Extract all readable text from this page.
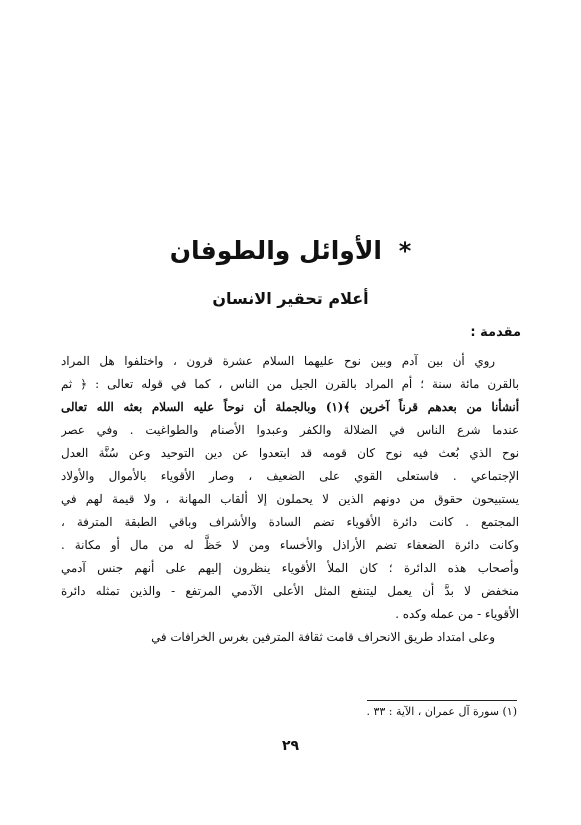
* الأوائل والطوفان
أعلام تحقير الانسان
مقدمة :
روي أن بين آدم وبين نوح عليهما السلام عشرة قرون ، واختلفوا هل المراد
بالقرن مائة سنة ؛ أم المراد بالقرن الجيل من الناس ، كما في قوله تعالى : ﴿ ثم
أنشأنا من بعدهم قرناً آخرين ﴾(١) وبالجملة أن نوحاً عليه السلام بعثه الله تعالى
عندما شرع الناس في الضلالة والكفر وعبدوا الأصنام والطواغيت . وفي عصر
نوح الذي بُعث فيه نوح كان قومه قد ابتعدوا عن دين التوحيد وعن سُنَّة العدل
الإجتماعي . فاستعلى القوي على الضعيف ، وصار الأقوياء بالأموال والأولاد
يستبيحون حقوق من دونهم الذين لا يحملون إلا ألقاب المهانة ، ولا قيمة لهم في
المجتمع . كانت دائرة الأقوياء تضم السادة والأشراف وباقي الطبقة المترفة ،
وكانت دائرة الضعفاء تضم الأراذل والأخساء ومن لا حَظَّ له من مال أو مكانة .
وأصحاب هذه الدائرة ؛ كان الملأ الأقوياء ينظرون إليهم على أنهم جنس آدمي
منخفض لا بدَّ أن يعمل ليتنفع المثل الأعلى الآدمي المرتفع - والذين تمثله دائرة
الأقوياء - من عمله وكده .
وعلى امتداد طريق الانحراف قامت ثقافة المترفين بغرس الخرافات في
(١) سورة آل عمران ، الآية : ٣٣ .
٢٩
